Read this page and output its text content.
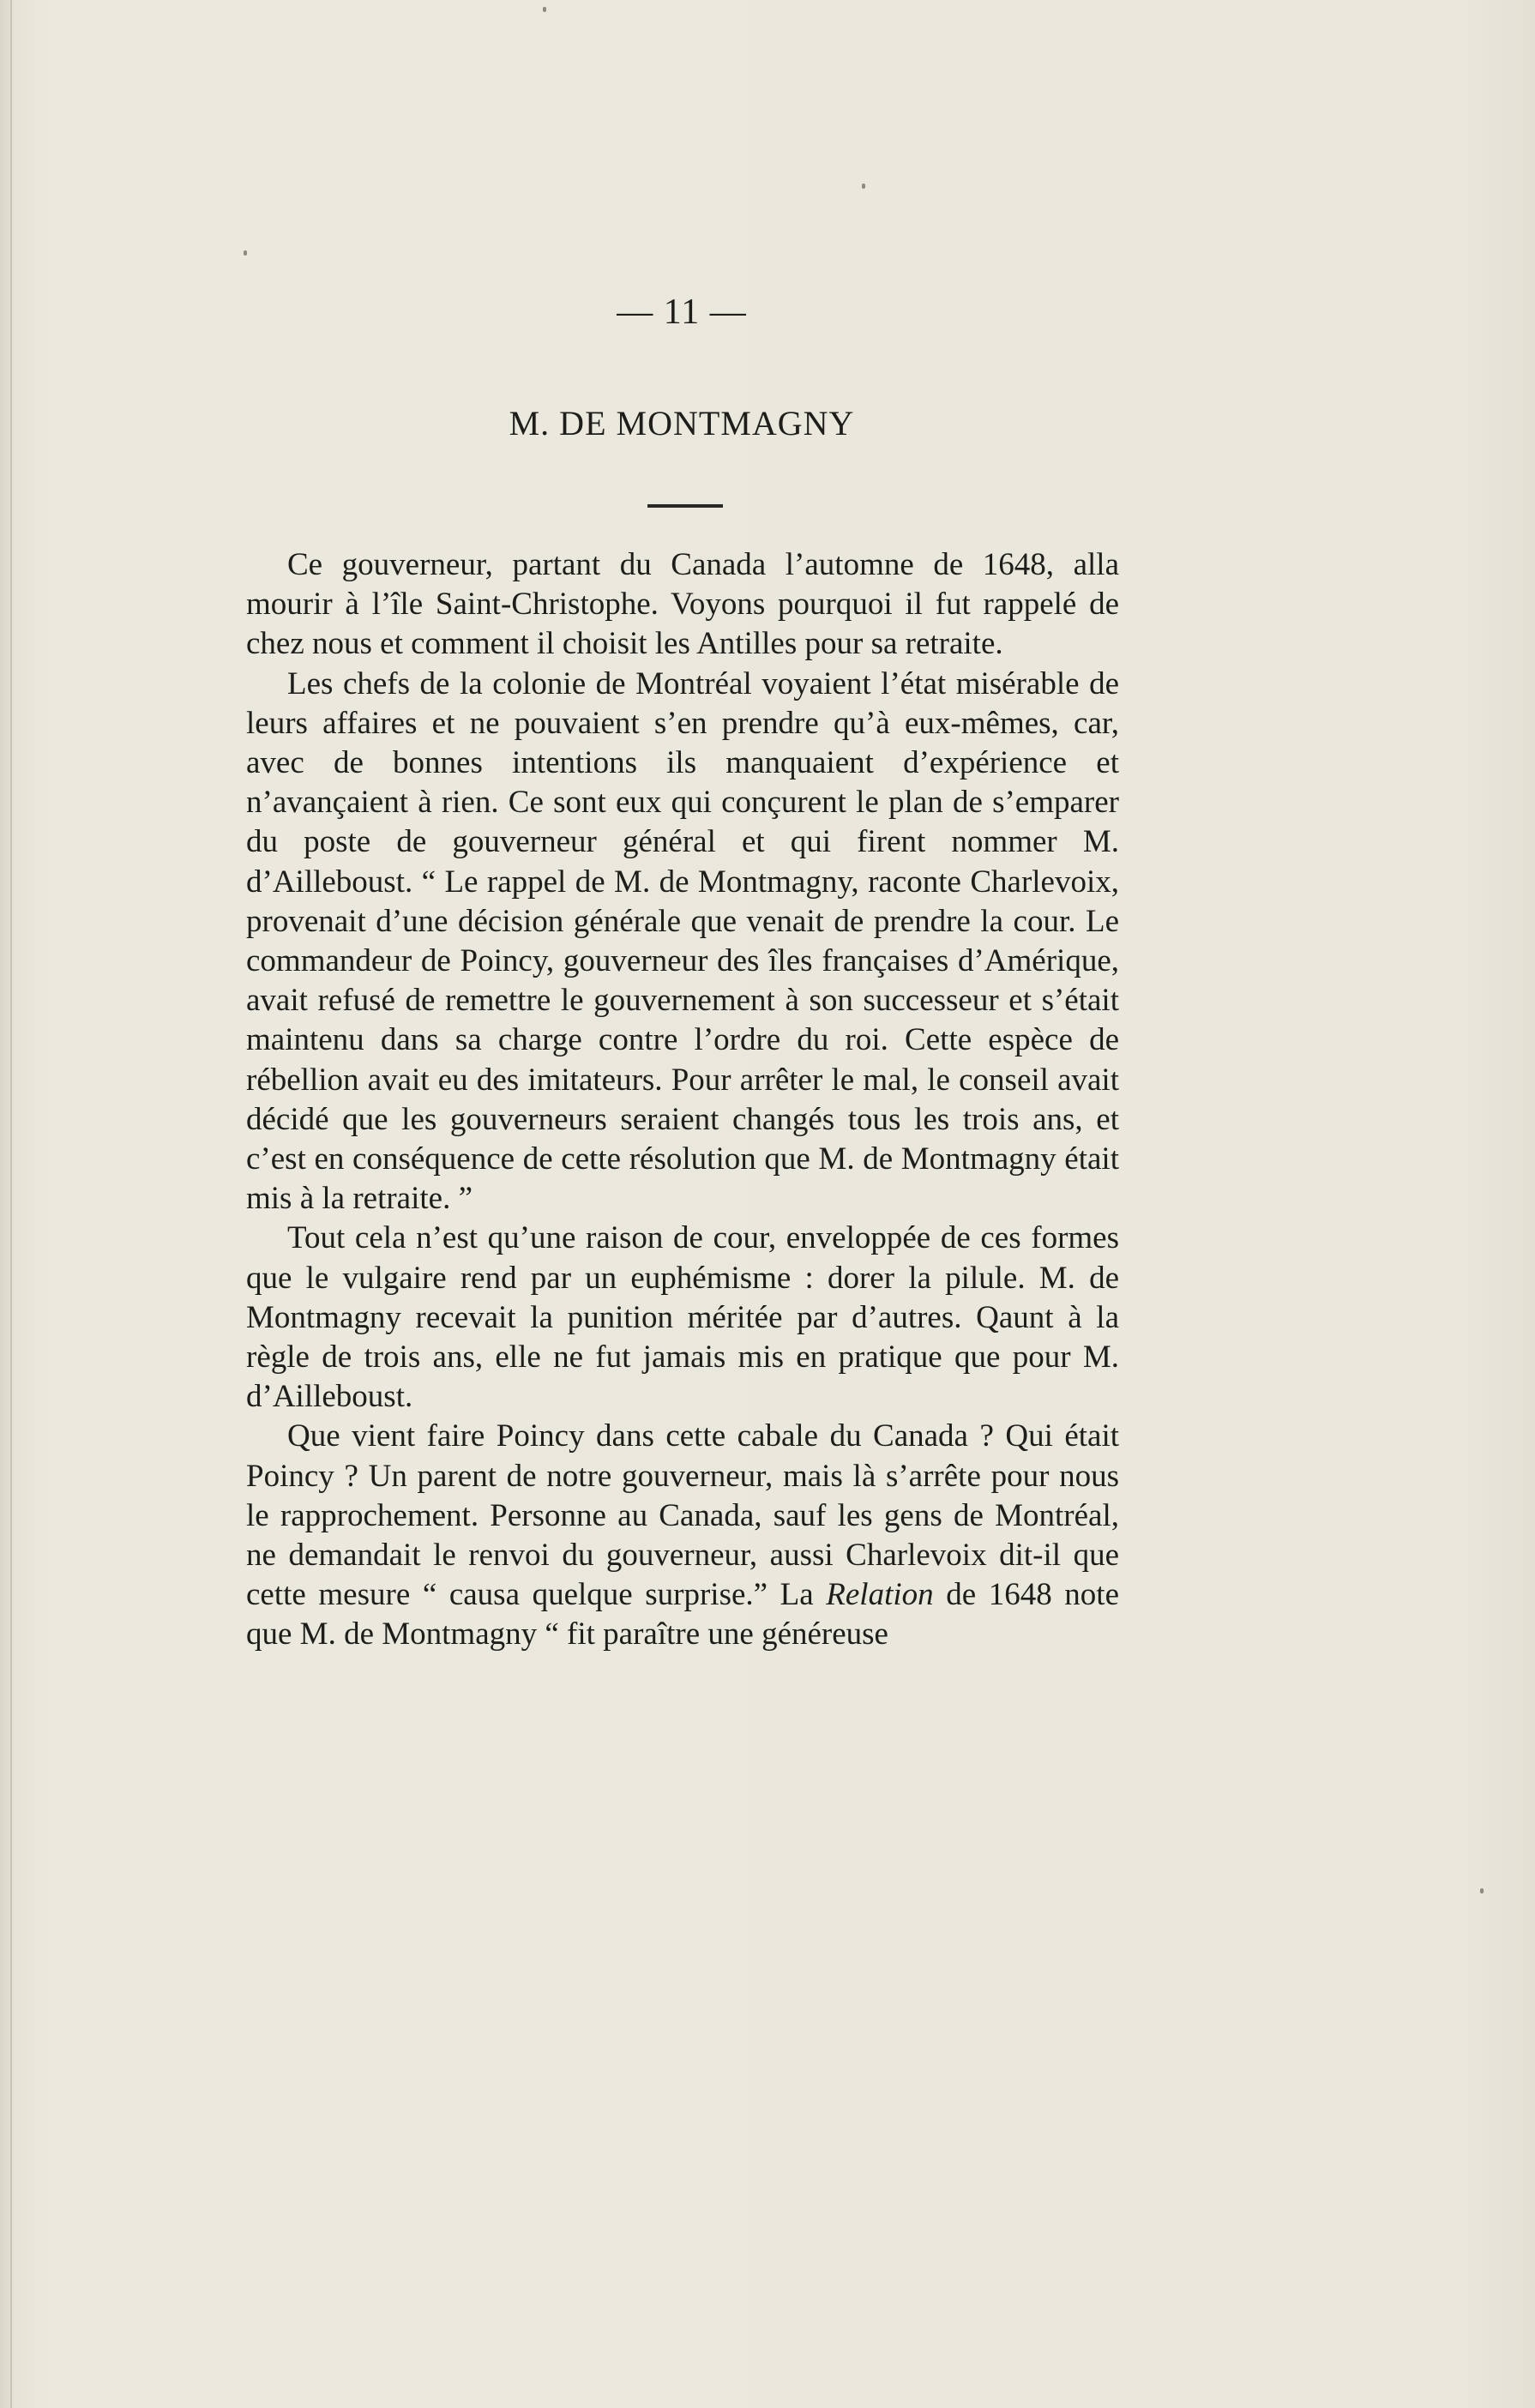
— 11 —
M. DE MONTMAGNY

Ce gouverneur, partant du Canada l’automne de 1648, alla mourir à l’île Saint-Christophe. Voyons pourquoi il fut rappelé de chez nous et comment il choisit les Antilles pour sa retraite.

Les chefs de la colonie de Montréal voyaient l’état misérable de leurs affaires et ne pouvaient s’en prendre qu’à eux-mêmes, car, avec de bonnes intentions ils manquaient d’expérience et n’avançaient à rien. Ce sont eux qui conçurent le plan de s’emparer du poste de gouverneur général et qui firent nommer M. d’Ailleboust. “ Le rappel de M. de Montmagny, raconte Charlevoix, provenait d’une décision générale que venait de prendre la cour. Le commandeur de Poincy, gouverneur des îles françaises d’Amérique, avait refusé de remettre le gouvernement à son successeur et s’était maintenu dans sa charge contre l’ordre du roi. Cette espèce de rébellion avait eu des imitateurs. Pour arrêter le mal, le conseil avait décidé que les gouverneurs seraient changés tous les trois ans, et c’est en conséquence de cette résolution que M. de Montmagny était mis à la retraite. ”

Tout cela n’est qu’une raison de cour, enveloppée de ces formes que le vulgaire rend par un euphémisme : dorer la pilule. M. de Montmagny recevait la punition méritée par d’autres. Qaunt à la règle de trois ans, elle ne fut jamais mis en pratique que pour M. d’Ailleboust.

Que vient faire Poincy dans cette cabale du Canada ? Qui était Poincy ? Un parent de notre gouverneur, mais là s’arrête pour nous le rapprochement. Personne au Canada, sauf les gens de Montréal, ne demandait le renvoi du gouverneur, aussi Charlevoix dit-il que cette mesure “ causa quelque surprise.” La Relation de 1648 note que M. de Montmagny “ fit paraître une généreuse
